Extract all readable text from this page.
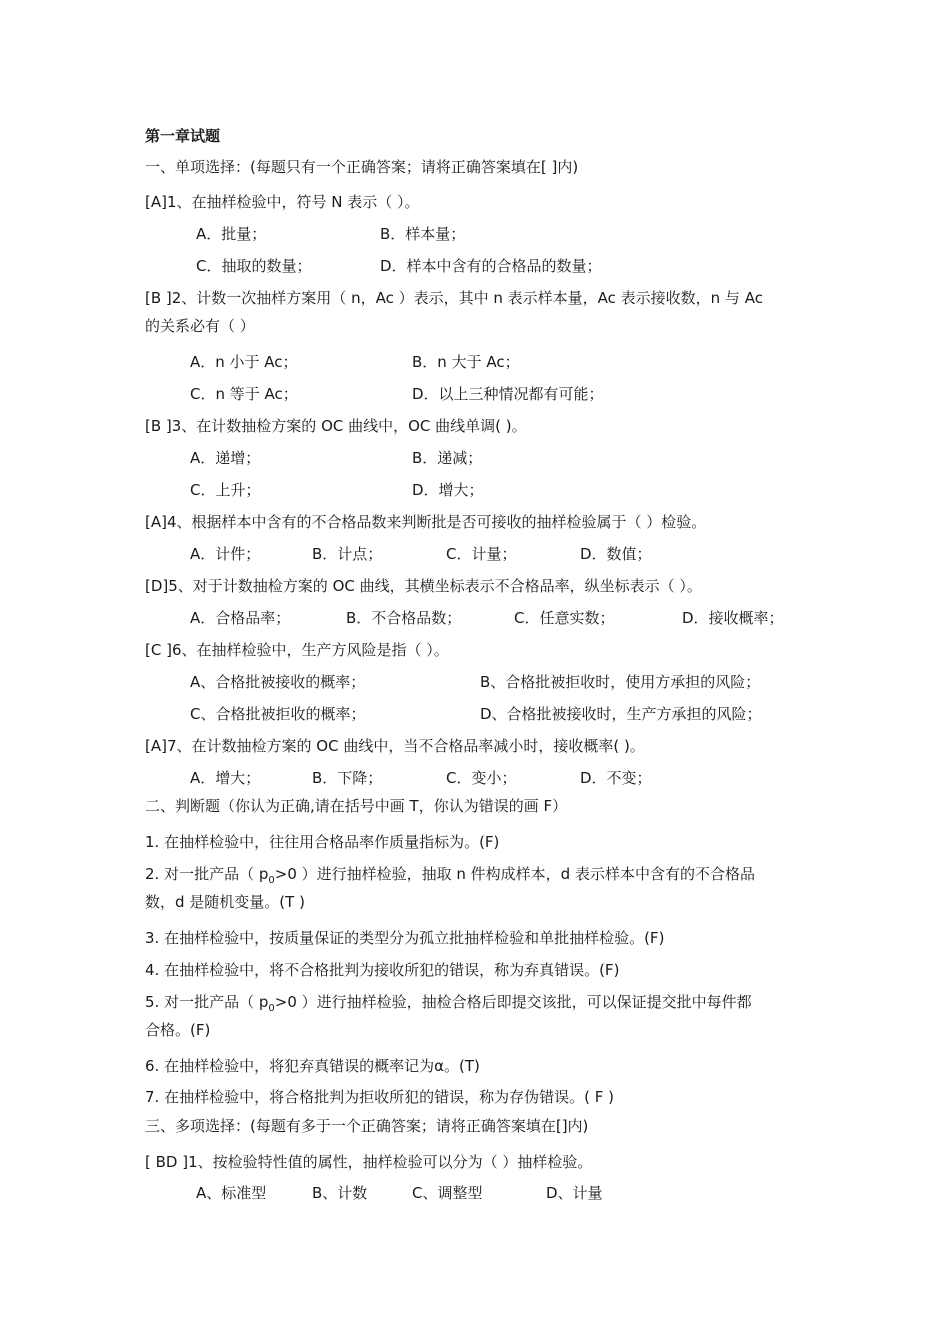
第一章试题
一、单项选择：(每题只有一个正确答案；请将正确答案填在[ ]内)
[A]1、在抽样检验中，符号 N 表示（ ）。
A．批量；	B．样本量；
C．抽取的数量；	D．样本中含有的合格品的数量；
[B ]2、计数一次抽样方案用（ n，Ac ）表示，其中 n 表示样本量，Ac 表示接收数，n 与 Ac
的关系必有（ ）
A．n 小于 Ac；	B．n 大于 Ac；
C．n 等于 Ac；	D．以上三种情况都有可能；
[B ]3、在计数抽检方案的 OC 曲线中，OC 曲线单调( )。
A．递增；	B．递减；
C．上升；	D．增大；
[A]4、根据样本中含有的不合格品数来判断批是否可接收的抽样检验属于（ ）检验。
A．计件；	B．计点；	C．计量；	D．数值；
[D]5、对于计数抽检方案的 OC 曲线，其横坐标表示不合格品率，纵坐标表示（ ）。
A．合格品率；	B．不合格品数；	C．任意实数；	D．接收概率；
[C ]6、在抽样检验中，生产方风险是指（ ）。
A、合格批被接收的概率；	B、合格批被拒收时，使用方承担的风险；
C、合格批被拒收的概率；	D、合格批被接收时，生产方承担的风险；
[A]7、在计数抽检方案的 OC 曲线中，当不合格品率减小时，接收概率( )。
A．增大；	B．下降；	C．变小；	D．不变；
二、判断题（你认为正确,请在括号中画 T，你认为错误的画 F）
1. 在抽样检验中，往往用合格品率作质量指标为。(F)
2. 对一批产品（ $p_0>0$ ）进行抽样检验，抽取 n 件构成样本，d 表示样本中含有的不合格品
数，d 是随机变量。(T )
3. 在抽样检验中，按质量保证的类型分为孤立批抽样检验和单批抽样检验。(F)
4. 在抽样检验中，将不合格批判为接收所犯的错误，称为弃真错误。(F)
5. 对一批产品（ $p_0>0$ ）进行抽样检验，抽检合格后即提交该批，可以保证提交批中每件都
合格。(F)
6. 在抽样检验中，将犯弃真错误的概率记为α。(T)
7. 在抽样检验中，将合格批判为拒收所犯的错误，称为存伪错误。( F )
三、多项选择：(每题有多于一个正确答案；请将正确答案填在[]内)
[ BD ]1、按检验特性值的属性，抽样检验可以分为（ ）抽样检验。
A、标准型	B、计数	C、调整型	D、计量
